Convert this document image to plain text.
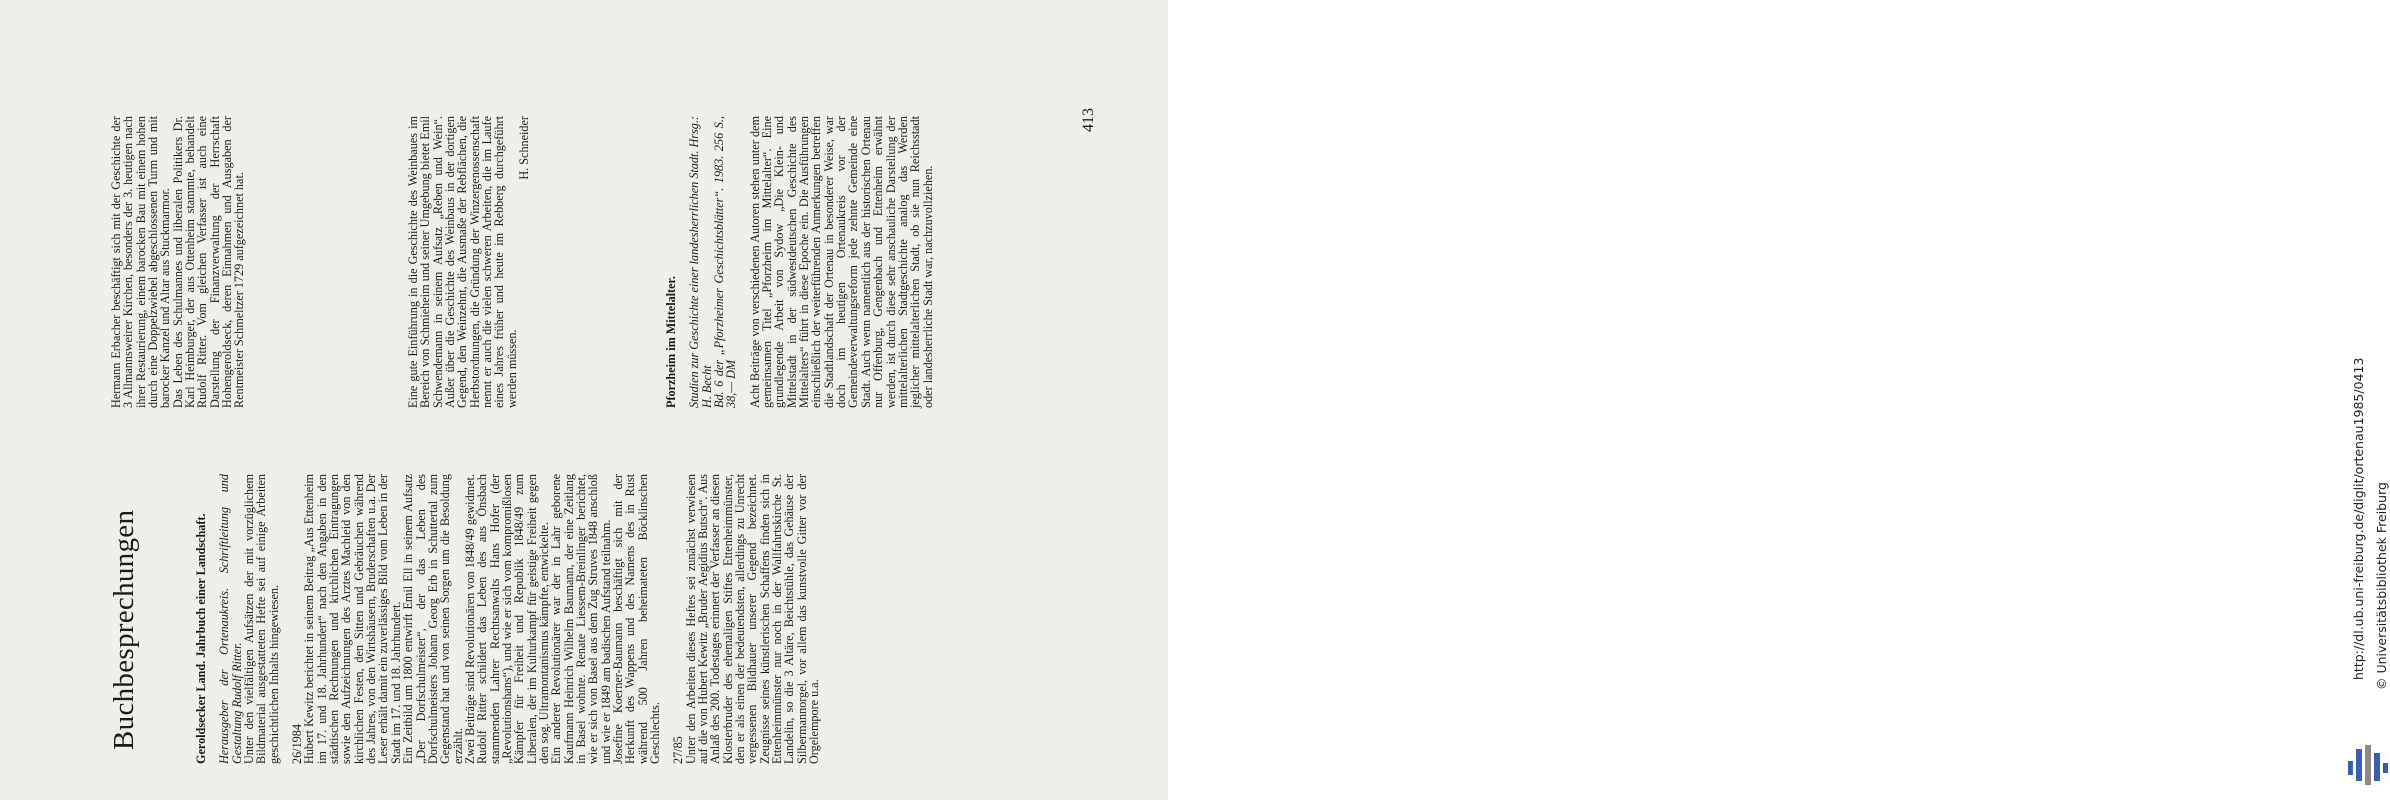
Buchbesprechungen	Geroldsecker Land. Jahrbuch einer Landschaft. Herausgeber der Ortenaukreis. Schriftleitung und Gestaltung Rudolf Ritter.

Unter den vielfältigen Aufsätzen der mit vorzüglichem Bildmaterial ausgestatteten Hefte sei auf einige Arbeiten geschichtlichen Inhalts hingewiesen. 26/1984

Hubert Kewitz berichtet in seinem Beitrag „Aus Ettenheim im 17. und 18. Jahrhundert“ nach den Angaben in den städtischen Rechnungen und kirchlichen Eintragungen sowie den Aufzeichnungen des Arztes Machleid von den kirchlichen Festen, den Sitten und Gebräuchen während des Jahres, von den Wirtshäusern, Bruderschaften u.a. Der Leser erhält damit ein zuverlässiges Bild vom Leben in der Stadt im 17. und 18. Jahrhundert.

Ein Zeitbild um 1800 entwirft Emil Ell in seinem Aufsatz „Der Dorfschulmeister“, der das Leben des Dorfschulmeisters Johann Georg Erb in Schuttertal zum Gegenstand hat und von seinen Sorgen um die Besoldung erzählt.

Zwei Beiträge sind Revolutionären von 1848/49 gewidmet. Rudolf Ritter schildert das Leben des aus Önsbach stammenden Lahrer Rechtsanwalts Hans Hofer (der „Revolutionshans“), und wie er sich vom kompromißlosen Kämpfer für Freiheit und Republik 1848/49 zum Liberalen, der im Kulturkampf für geistige Freiheit gegen den sog. Ultramontanismus kämpfte, entwickelte.

Ein anderer Revolutionärer war der in Lahr geborene Kaufmann Heinrich Wilhelm Baumann, der eine Zeitlang in Basel wohnte. Renate Liessem-Breinlinger berichtet, wie er sich von Basel aus dem Zug Struves 1848 anschloß und wie er 1849 am badischen Aufstand teilnahm.

Josefine Koerner-Baumann beschäftigt sich mit der Herkunft des Wappens und des Namens des in Rust während 500 Jahren beheimateten Böcklinschen Geschlechts. 27/85

Unter den Arbeiten dieses Heftes sei zunächst verwiesen auf die von Hubert Kewitz „Bruder Aegidius Butsch“. Aus Anlaß des 200. Todestages erinnert der Verfasser an diesen Klosterbruder des ehemaligen Stiftes Ettenheimmünster, den er als einen der bedeutendsten, allerdings zu Unrecht vergessenen Bildhauer unserer Gegend bezeichnet. Zeugnisse seines künstlerischen Schaffens finden sich in Ettenheimmünster nur noch in der Wallfahrtskirche St. Landelin, so die 3 Altäre, Beichtstühle, das Gehäuse der Silbermannorgel, vor allem das kunstvolle Gitter vor der Orgelempore u.a.

Hermann Erbacher beschäftigt sich mit der Geschichte der 3 Allmannsweirer Kirchen, besonders der 3. heutigen nach ihrer Restaurierung, einem barocken Bau mit einem hohen durch eine Doppelzwiebel abgeschlossenen Turm und mit barocker Kanzel und Altar aus Stuckmarmor.

Das Leben des Schulmannes und liberalen Politikers Dr. Karl Heimburger, der aus Ottenheim stammte, behandelt Rudolf Ritter. Vom gleichen Verfasser ist auch eine Darstellung der Finanzverwaltung der Herrschaft Hohengeroldseck, deren Einnahmen und Ausgaben der Rentmeister Schmeltzer 1729 aufgezeichnet hat.	Eine gute Einführung in die Geschichte des Weinbaues im Bereich von Schmieheim und seiner Umgebung bietet Emil Schwendemann in seinem Aufsatz „Reben und Wein“. Außer über die Geschichte des Weinbaus in der dortigen Gegend, den Weinzehnt, die Ausmaße der Rebflächen, die Herbstordnungen, die Gründung der Winzergenossenschaft nennt er auch die vielen schweren Arbeiten, die im Laufe eines Jahres früher und heute im Rebberg durchgeführt werden müssen.

H. Schneider

Pforzheim im Mittelalter. Studien zur Geschichte einer landesherrlichen Stadt. Hrsg.: H. Becht

Bd. 6 der „Pforzheimer Geschichtsblätter“. 1983. 256 S., 38,— DM Acht Beiträge von verschiedenen Autoren stehen unter dem gemeinsamen Titel „Pforzheim im Mittelalter“. Eine grundlegende Arbeit von Sydow „Die Klein- und Mittelstadt in der südwestdeutschen Geschichte des Mittelalters“ führt in diese Epoche ein. Die Ausführungen einschließlich der weiterführenden Anmerkungen betreffen die Stadtlandschaft der Ortenau in besonderer Weise, war doch im heutigen Ortenaukreis vor der Gemeindeverwaltungsreform jede zehnte Gemeinde eine Stadt. Auch wenn namentlich aus der historischen Ortenau nur Offenburg, Gengenbach und Ettenheim erwähnt werden, ist durch diese sehr anschauliche Darstellung der mittelalterlichen Stadtgeschichte analog das Werden jeglicher mittelalterlichen Stadt, ob sie nun Reichsstadt oder landesherrliche Stadt war, nachzuvollziehen.

413
http://dl.ub.uni-freiburg.de/diglit/ortenau1985/0413 © Universitätsbibliothek Freiburg
